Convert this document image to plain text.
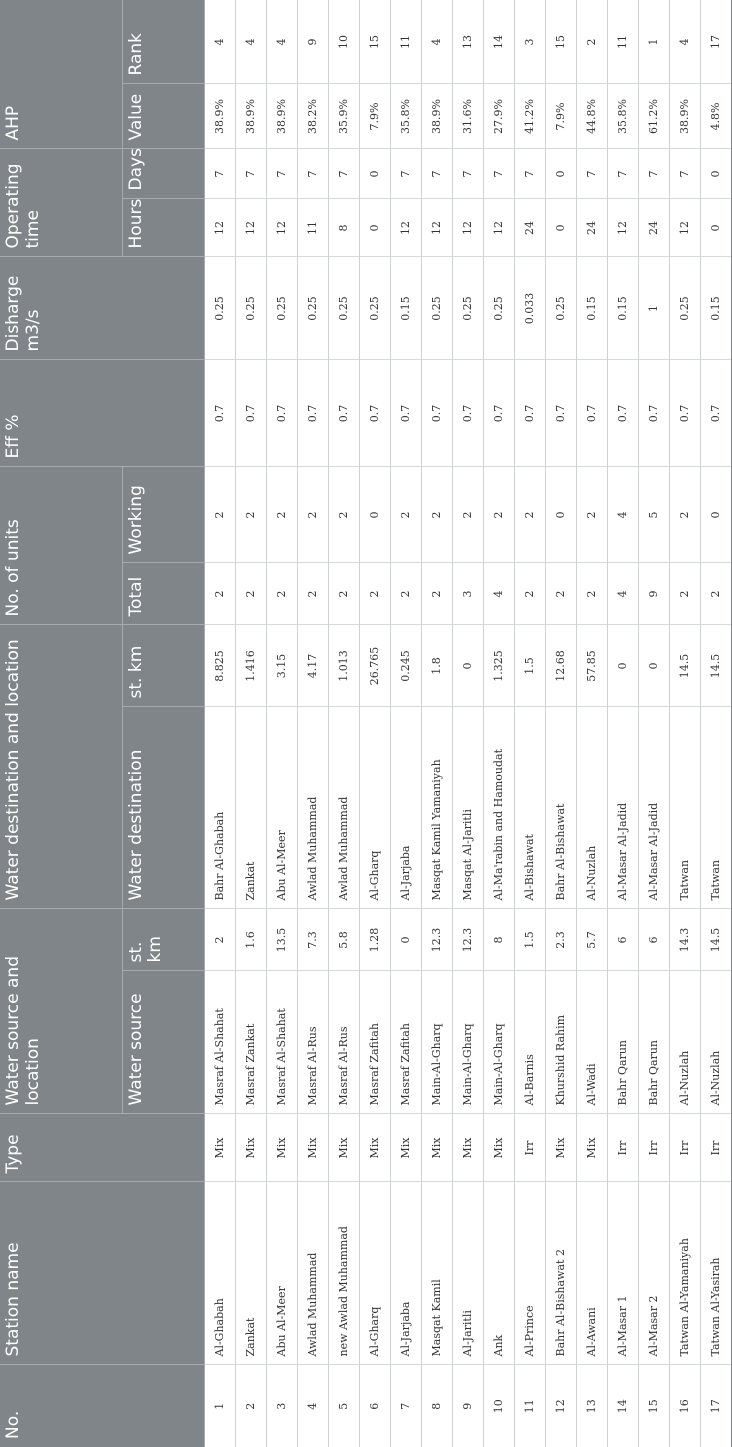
No.	Station name	Type	Water source and location		Water destination and location		No. of units		Eff %	Disharge m3/s	Operating time		AHP		
			Water source	st. km	Water destination	st. km	Total	Working			Hours	Days	Value	Rank	
1	Al-Ghabah	Mix	Masraf Al-Shahat	2	Bahr Al-Ghabah	8.825	2	2	0.7	0.25	12	7	38.9%	4	
2	Zankat	Mix	Masraf Zankat	1.6	Zankat	1.416	2	2	0.7	0.25	12	7	38.9%	4	
3	Abu Al-Meer	Mix	Masraf Al-Shahat	13.5	Abu Al-Meer	3.15	2	2	0.7	0.25	12	7	38.9%	4	
4	Awlad Muhammad	Mix	Masraf Al-Rus	7.3	Awlad Muhammad	4.17	2	2	0.7	0.25	11	7	38.2%	9	
5	new Awlad Muhammad	Mix	Masraf Al-Rus	5.8	Awlad Muhammad	1.013	2	2	0.7	0.25	8	7	35.9%	10	
6	Al-Gharq	Mix	Masraf Zafitah	1.28	Al-Gharq	26.765	2	0	0.7	0.25	0	0	7.9%	15	
7	Al-Jarjaba	Mix	Masraf Zafitah	0	Al-Jarjaba	0.245	2	2	0.7	0.15	12	7	35.8%	11	
8	Masqat Kamil	Mix	Main-Al-Gharq	12.3	Masqat Kamil Yamaniyah	1.8	2	2	0.7	0.25	12	7	38.9%	4	
9	Al-Jaritli	Mix	Main-Al-Gharq	12.3	Masqat Al-Jaritli	0	3	2	0.7	0.25	12	7	31.6%	13	
10	Ank	Mix	Main-Al-Gharq	8	Al-Ma'rabin and Hamoudat	1.325	4	2	0.7	0.25	12	7	27.9%	14	
11	Al-Prince	Irr	Al-Barnis	1.5	Al-Bishawat	1.5	2	2	0.7	0.033	24	7	41.2%	3	
12	Bahr Al-Bishawat 2	Mix	Khurshid Rahim	2.3	Bahr Al-Bishawat	12.68	2	0	0.7	0.25	0	0	7.9%	15	
13	Al-Awani	Mix	Al-Wadi	5.7	Al-Nuzlah	57.85	2	2	0.7	0.15	24	7	44.8%	2	
14	Al-Masar 1	Irr	Bahr Qarun	6	Al-Masar Al-Jadid	0	4	4	0.7	0.15	12	7	35.8%	11	
15	Al-Masar 2	Irr	Bahr Qarun	6	Al-Masar Al-Jadid	0	9	5	0.7	1	24	7	61.2%	1	
16	Tatwan Al-Yamaniyah	Irr	Al-Nuzlah	14.3	Tatwan	14.5	2	2	0.7	0.25	12	7	38.9%	4	
17	Tatwan Al-Yasirah	Irr	Al-Nuzlah	14.5	Tatwan	14.5	2	0	0.7	0.15	0	0	4.8%	17	
